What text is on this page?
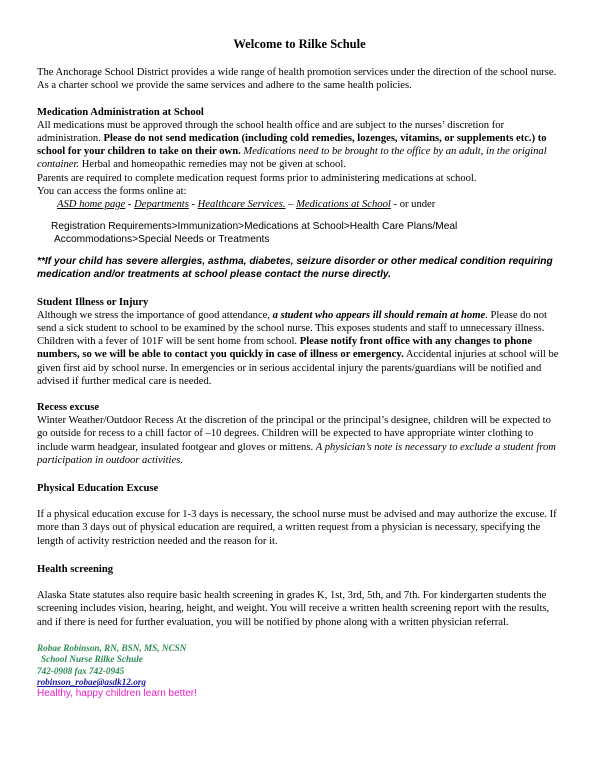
Welcome to Rilke Schule

The Anchorage School District provides a wide range of health promotion services under the direction of the school nurse. As a charter school we provide the same services and adhere to the same health policies.

Medication Administration at School

All medications must be approved through the school health office and are subject to the nurses’ discretion for administration. Please do not send medication (including cold remedies, lozenges, vitamins, or supplements etc.) to school for your children to take on their own. Medications need to be brought to the office by an adult, in the original container. Herbal and homeopathic remedies may not be given at school.

Parents are required to complete medication request forms prior to administering medications at school.

You can access the forms online at:

ASD home page - Departments - Healthcare Services. – Medications at School - or under

Registration Requirements>Immunization>Medications at School>Health Care Plans/Meal
Accommodations>Special Needs or Treatments

**If your child has severe allergies, asthma, diabetes, seizure disorder or other medical condition requiring medication and/or treatments at school please contact the nurse directly.

Student Illness or Injury

Although we stress the importance of good attendance, a student who appears ill should remain at home. Please do not send a sick student to school to be examined by the school nurse. This exposes students and staff to unnecessary illness. Children with a fever of 101F will be sent home from school. Please notify front office with any changes to phone numbers, so we will be able to contact you quickly in case of illness or emergency. Accidental injuries at school will be given first aid by school nurse. In emergencies or in serious accidental injury the parents/guardians will be notified and advised if further medical care is needed.

Recess excuse

Winter Weather/Outdoor Recess At the discretion of the principal or the principal’s designee, children will be expected to go outside for recess to a chill factor of –10 degrees. Children will be expected to have appropriate winter clothing to include warm headgear, insulated footgear and gloves or mittens. A physician’s note is necessary to exclude a student from participation in outdoor activities.

Physical Education Excuse

If a physical education excuse for 1-3 days is necessary, the school nurse must be advised and may authorize the excuse. If more than 3 days out of physical education are required, a written request from a physician is necessary, specifying the length of activity restriction needed and the reason for it.

Health screening

Alaska State statutes also require basic health screening in grades K, 1st, 3rd, 5th, and 7th. For kindergarten students the screening includes vision, hearing, height, and weight. You will receive a written health screening report with the results, and if there is need for further evaluation, you will be notified by phone along with a written physician referral.

Robae Robinson, RN, BSN, MS, NCSN
School Nurse Rilke Schule
742-0908 fax 742-0945
robinson_robae@asdk12.org
Healthy, happy children learn better!
